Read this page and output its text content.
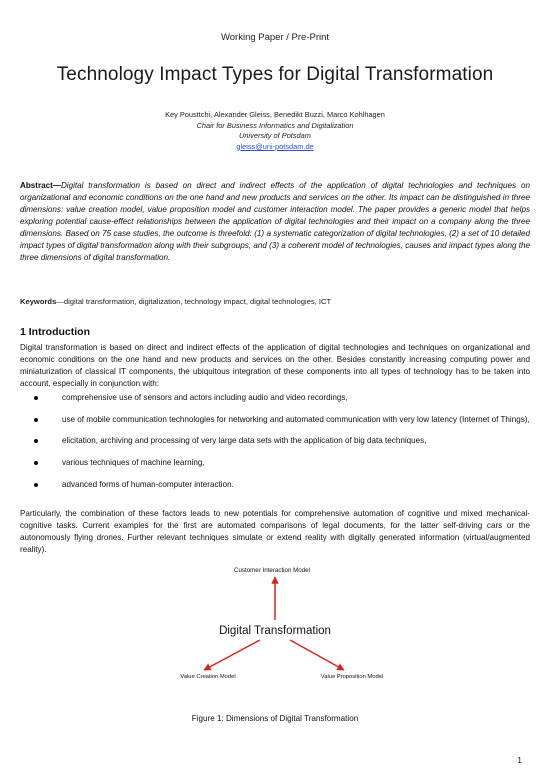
Working Paper / Pre-Print
Technology Impact Types for Digital Transformation
Key Pousttchi, Alexander Gleiss, Benedikt Buzzi, Marco Kohlhagen
Chair for Business Informatics and Digitalization
University of Potsdam
gleiss@uni-potsdam.de
Abstract—Digital transformation is based on direct and indirect effects of the application of digital technologies and techniques on organizational and economic conditions on the one hand and new products and services on the other. Its impact can be distinguished in three dimensions: value creation model, value proposition model and customer interaction model. The paper provides a generic model that helps exploring potential cause-effect relationships between the application of digital technologies and their impact on a company along the three dimensions. Based on 75 case studies, the outcome is threefold: (1) a systematic categorization of digital technologies, (2) a set of 10 detailed impact types of digital transformation along with their subgroups, and (3) a coherent model of technologies, causes and impact types along the three dimensions of digital transformation.
Keywords—digital transformation, digitalization, technology impact, digital technologies, ICT
1 Introduction
Digital transformation is based on direct and indirect effects of the application of digital technologies and techniques on organizational and economic conditions on the one hand and new products and services on the other. Besides constantly increasing computing power and miniaturization of classical IT components, the ubiquitous integration of these components into all types of technology has to be taken into account, especially in conjunction with:
comprehensive use of sensors and actors including audio and video recordings,
use of mobile communication technologies for networking and automated communication with very low latency (Internet of Things),
elicitation, archiving and processing of very large data sets with the application of big data techniques,
various techniques of machine learning,
advanced forms of human-computer interaction.
Particularly, the combination of these factors leads to new potentials for comprehensive automation of cognitive und mixed mechanical-cognitive tasks. Current examples for the first are automated comparisons of legal documents, for the latter self-driving cars or the autonomously flying drones. Further relevant techniques simulate or extend reality with digitally generated information (virtual/augmented reality).
Customer Interaction Model
Digital Transformation
Value Creation Model	Value Proposition Model
Figure 1: Dimensions of Digital Transformation
1
